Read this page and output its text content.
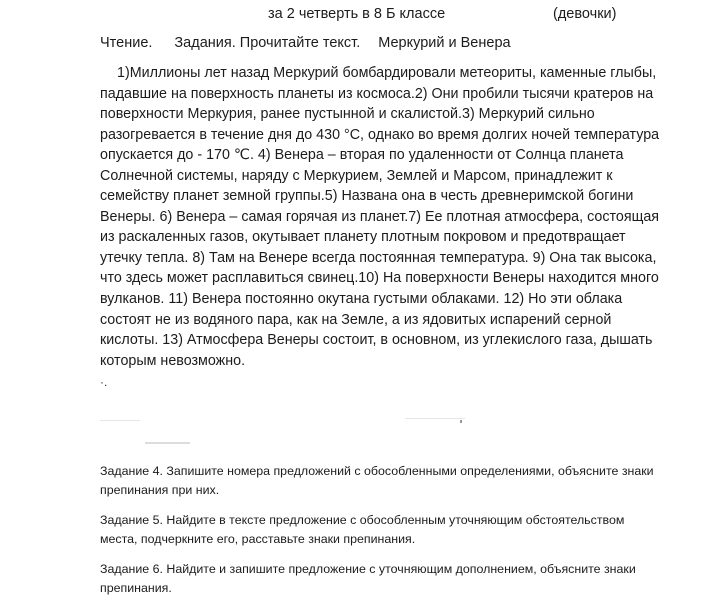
за 2 четверть в 8 Б классе	(девочки)
Чтение. Задания. Прочитайте текст. Меркурий и Венера

1)Миллионы лет назад Меркурий бомбардировали метеориты, каменные глыбы, падавшие на поверхность планеты из космоса.2) Они пробили тысячи кратеров на поверхности Меркурия, ранее пустынной и скалистой.3) Меркурий сильно разогревается в течение дня до 430 °С, однако во время долгих ночей температура опускается до - 170 ℃. 4) Венера – вторая по удаленности от Солнца планета Солнечной системы, наряду с Меркурием, Землей и Марсом, принадлежит к семейству планет земной группы.5) Названа она в честь древнеримской богини Венеры. 6) Венера – самая горячая из планет.7) Ее плотная атмосфера, состоящая из раскаленных газов, окутывает планету плотным покровом и предотвращает утечку тепла. 8) Там на Венере всегда постоянная температура. 9) Она так высока, что здесь может расплавиться свинец.10) На поверхности Венеры находится много вулканов. 11) Венера постоянно окутана густыми облаками. 12) Но эти облака состоят не из водяного пара, как на Земле, а из ядовитых испарений серной кислоты. 13) Атмосфера Венеры состоит, в основном, из углекислого газа, дышать которым невозможно.

·.

Задание 4. Запишите номера предложений с обособленными определениями, объясните знаки препинания при них.

Задание 5. Найдите в тексте предложение с обособленным уточняющим обстоятельством места, подчеркните его, расставьте знаки препинания.

Задание 6. Найдите и запишите предложение с уточняющим дополнением, объясните знаки препинания.
